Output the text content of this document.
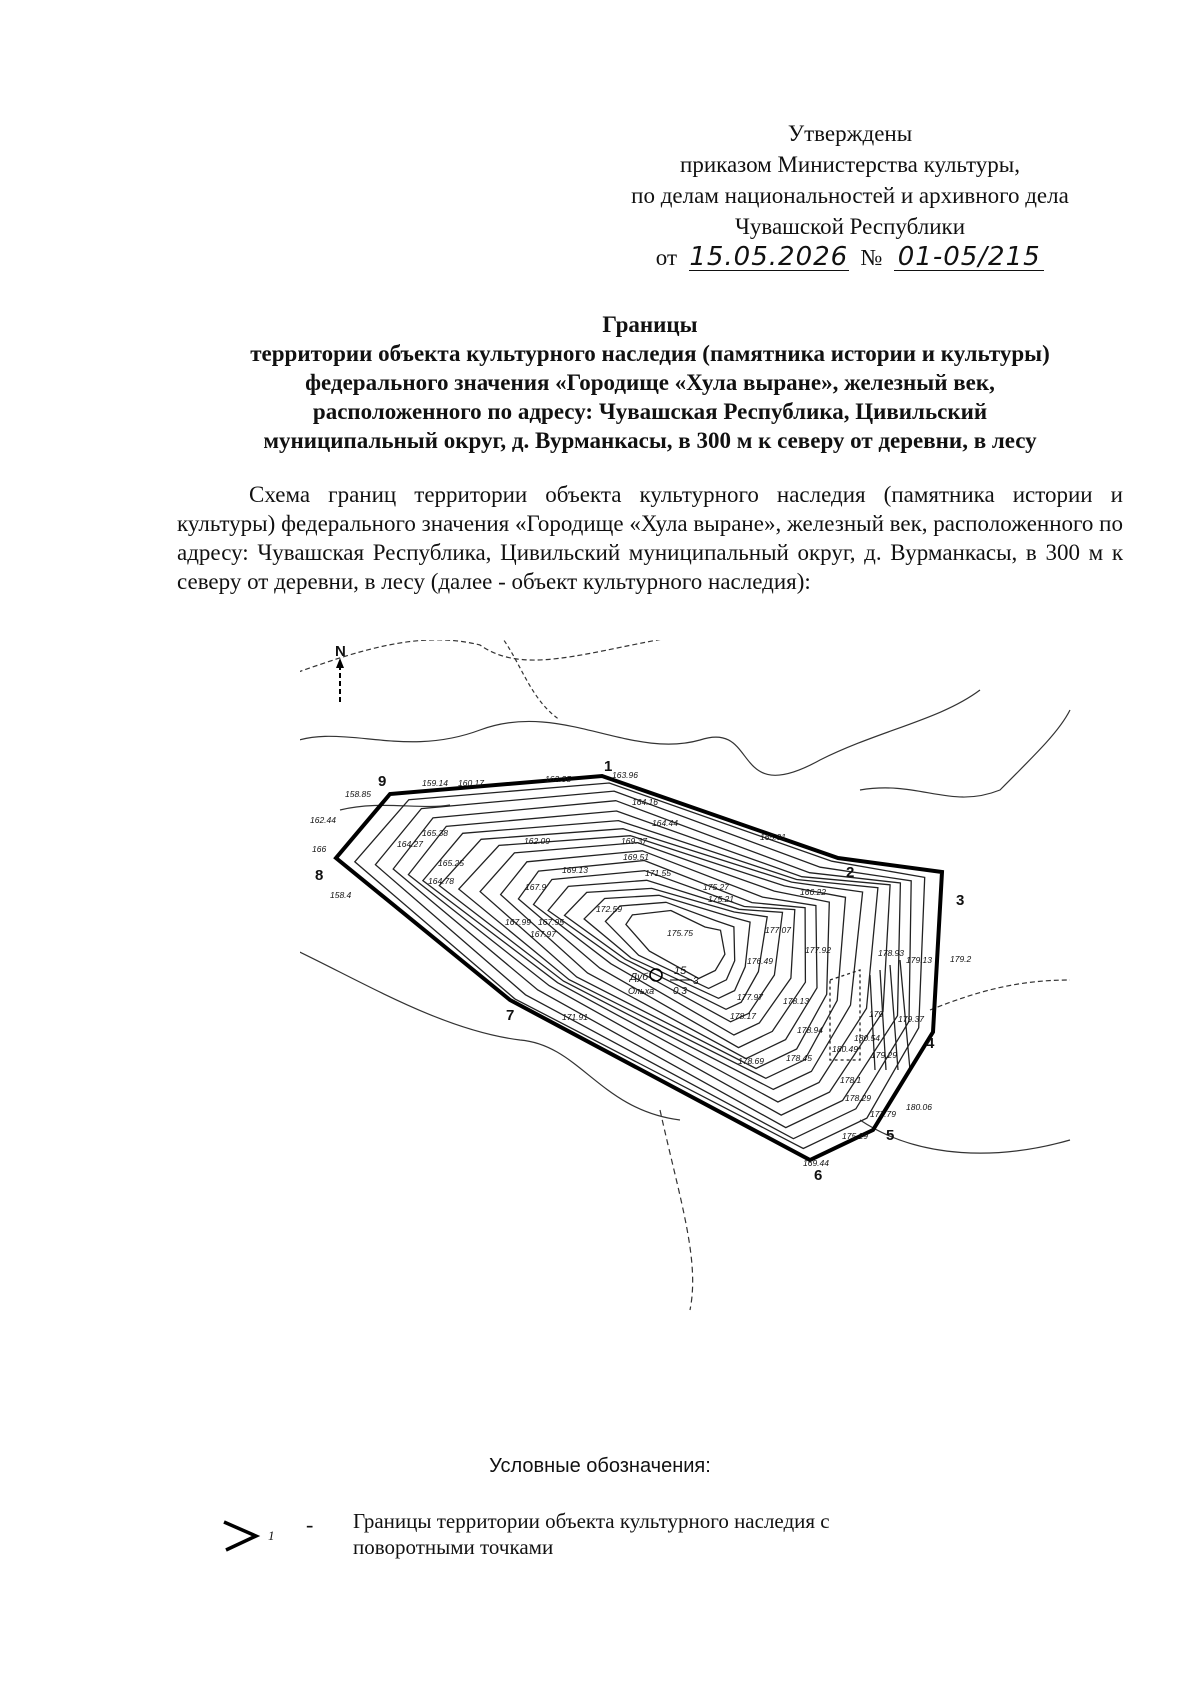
Утверждены
приказом Министерства культуры,
по делам национальностей и архивного дела
Чувашской Республики
от 15.05.2026 № 01-05/215
Границы
территории объекта культурного наследия (памятника истории и культуры)
федерального значения «Городище «Хула выране», железный век,
расположенного по адресу: Чувашская Республика, Цивильский
муниципальный округ, д. Вурманкасы, в 300 м к северу от деревни, в лесу
Схема границ территории объекта культурного наследия (памятника истории и культуры) федерального значения «Городище «Хула выране», железный век, расположенного по адресу: Чувашская Республика, Цивильский муниципальный округ, д. Вурманкасы, в 300 м к северу от деревни, в лесу (далее - объект культурного наследия):
N
1
2
3
4
5
6
7
8
9	163.96
162.35
160.17
159.14
158.85
162.44
166
158.4
164.16
164.44
165.91
165.38
164.27
165.25
164.78
162.09	169.37
169.51
169.13	171.55
167.9
167.99 167.95
167.97
172.59
175.27
175.21
166.22
175.75	177.07
177.92
176.49	179.13 179.2
178.93
177.97 178.13
178.17
178.94
179 179.37
180.49
180.54
179.29
178.69	178.45
178.1
178.29
177.79
180.06
175.29
169.44
171.91
Дуб
Ольха
15
3
0.3
Условные обозначения:
1 - Границы территории объекта культурного наследия с
поворотными точками
